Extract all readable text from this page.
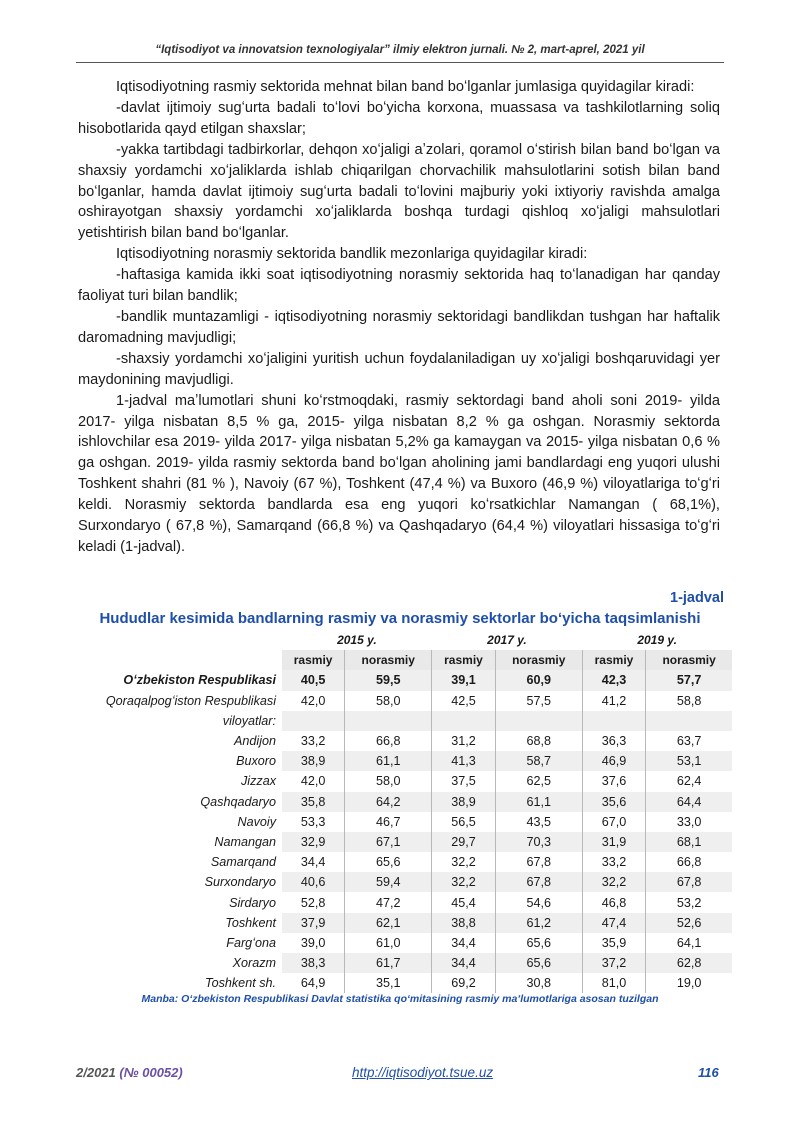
“Iqtisodiyot va innovatsion texnologiyalar” ilmiy elektron jurnali. № 2, mart-aprel, 2021 yil

Iqtisodiyotning rasmiy sektorida mehnat bilan band boʻlganlar jumlasiga quyidagilar kiradi:

-davlat ijtimoiy sugʻurta badali toʻlovi boʻyicha korxona, muassasa va tashkilotlarning soliq hisobotlarida qayd etilgan shaxslar;

-yakka tartibdagi tadbirkorlar, dehqon xoʻjaligi aʼzolari, qoramol oʻstirish bilan band boʻlgan va shaxsiy yordamchi xoʻjaliklarda ishlab chiqarilgan chorvachilik mahsulotlarini sotish bilan band boʻlganlar, hamda davlat ijtimoiy sugʻurta badali toʻlovini majburiy yoki ixtiyoriy ravishda amalga oshirayotgan shaxsiy yordamchi xoʻjaliklarda boshqa turdagi qishloq xoʻjaligi mahsulotlari yetishtirish bilan band boʻlganlar.

Iqtisodiyotning norasmiy sektorida bandlik mezonlariga quyidagilar kiradi:

-haftasiga kamida ikki soat iqtisodiyotning norasmiy sektorida haq toʻlanadigan har qanday faoliyat turi bilan bandlik;

-bandlik muntazamligi - iqtisodiyotning norasmiy sektoridagi bandlikdan tushgan har haftalik daromadning mavjudligi;

-shaxsiy yordamchi xoʻjaligini yuritish uchun foydalaniladigan uy xoʻjaligi boshqaruvidagi yer maydonining mavjudligi.

1-jadval maʼlumotlari shuni koʻrstmoqdaki, rasmiy sektordagi band aholi soni 2019- yilda 2017- yilga nisbatan 8,5 % ga, 2015- yilga nisbatan 8,2 % ga oshgan. Norasmiy sektorda ishlovchilar esa 2019- yilda 2017- yilga nisbatan 5,2% ga kamaygan va 2015- yilga nisbatan 0,6 % ga oshgan. 2019- yilda rasmiy sektorda band boʻlgan aholining jami bandlardagi eng yuqori ulushi Toshkent shahri (81 % ), Navoiy (67 %), Toshkent (47,4 %) va Buxoro (46,9 %) viloyatlariga toʻgʻri keldi. Norasmiy sektorda bandlarda esa eng yuqori koʻrsatkichlar Namangan ( 68,1%), Surxondaryo ( 67,8 %), Samarqand (66,8 %) va Qashqadaryo (64,4 %) viloyatlari hissasiga toʻgʻri keladi (1-jadval).

1-jadval
Hududlar kesimida bandlarning rasmiy va norasmiy sektorlar boʻyicha taqsimlanishi
	2015 y.		2017 y.		2019 y.	
	rasmiy	norasmiy	rasmiy	norasmiy	rasmiy	norasmiy
Oʻzbekiston Respublikasi	40,5	59,5	39,1	60,9	42,3	57,7
Qoraqalpogʻiston Respublikasi	42,0	58,0	42,5	57,5	41,2	58,8
viloyatlar:						
Andijon	33,2	66,8	31,2	68,8	36,3	63,7
Buxoro	38,9	61,1	41,3	58,7	46,9	53,1
Jizzax	42,0	58,0	37,5	62,5	37,6	62,4
Qashqadaryo	35,8	64,2	38,9	61,1	35,6	64,4
Navoiy	53,3	46,7	56,5	43,5	67,0	33,0
Namangan	32,9	67,1	29,7	70,3	31,9	68,1
Samarqand	34,4	65,6	32,2	67,8	33,2	66,8
Surxondaryo	40,6	59,4	32,2	67,8	32,2	67,8
Sirdaryo	52,8	47,2	45,4	54,6	46,8	53,2
Toshkent	37,9	62,1	38,8	61,2	47,4	52,6
Fargʻona	39,0	61,0	34,4	65,6	35,9	64,1
Xorazm	38,3	61,7	34,4	65,6	37,2	62,8
Toshkent sh.	64,9	35,1	69,2	30,8	81,0	19,0
Manba: Oʻzbekiston Respublikasi Davlat statistika qoʻmitasining rasmiy maʼlumotlariga asosan tuzilgan
2/2021 (№ 00052)	http://iqtisodiyot.tsue.uz	116
